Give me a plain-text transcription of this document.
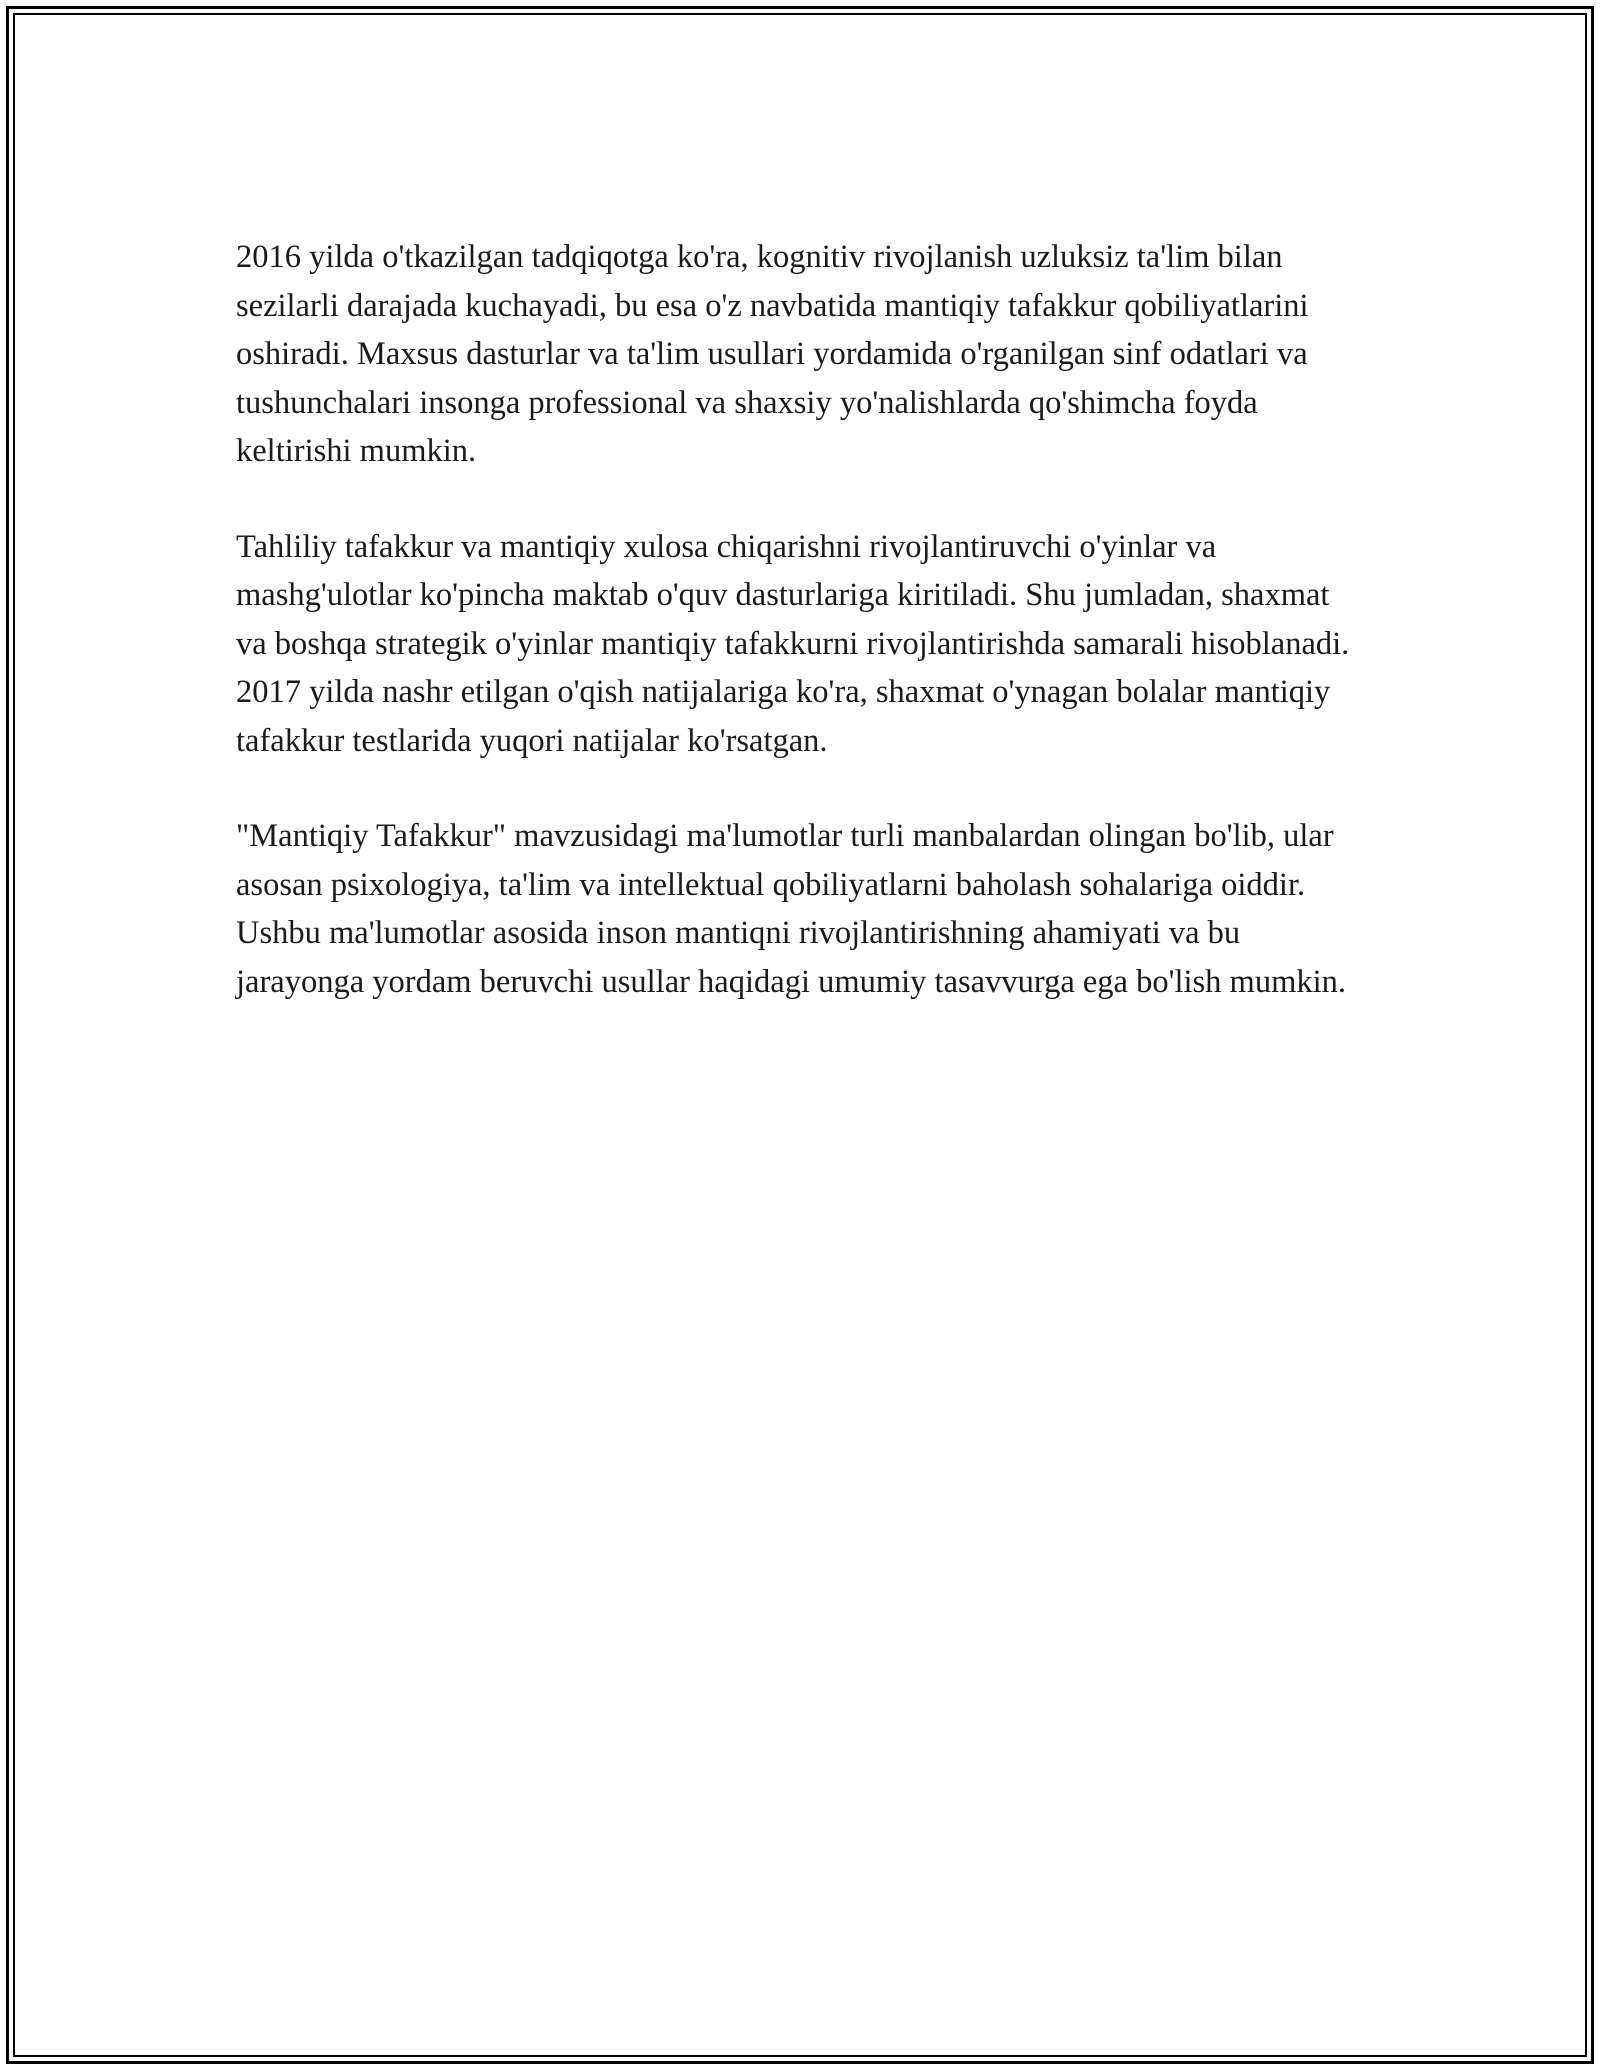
2016 yilda o'tkazilgan tadqiqotga ko'ra, kognitiv rivojlanish uzluksiz ta'lim bilan sezilarli darajada kuchayadi, bu esa o'z navbatida mantiqiy tafakkur qobiliyatlarini oshiradi. Maxsus dasturlar va ta'lim usullari yordamida o'rganilgan sinf odatlari va tushunchalari insonga professional va shaxsiy yo'nalishlarda qo'shimcha foyda keltirishi mumkin.

Tahliliy tafakkur va mantiqiy xulosa chiqarishni rivojlantiruvchi o'yinlar va mashg'ulotlar ko'pincha maktab o'quv dasturlariga kiritiladi. Shu jumladan, shaxmat va boshqa strategik o'yinlar mantiqiy tafakkurni rivojlantirishda samarali hisoblanadi. 2017 yilda nashr etilgan o'qish natijalariga ko'ra, shaxmat o'ynagan bolalar mantiqiy tafakkur testlarida yuqori natijalar ko'rsatgan.

"Mantiqiy Tafakkur" mavzusidagi ma'lumotlar turli manbalardan olingan bo'lib, ular asosan psixologiya, ta'lim va intellektual qobiliyatlarni baholash sohalariga oiddir. Ushbu ma'lumotlar asosida inson mantiqni rivojlantirishning ahamiyati va bu jarayonga yordam beruvchi usullar haqidagi umumiy tasavvurga ega bo'lish mumkin.
